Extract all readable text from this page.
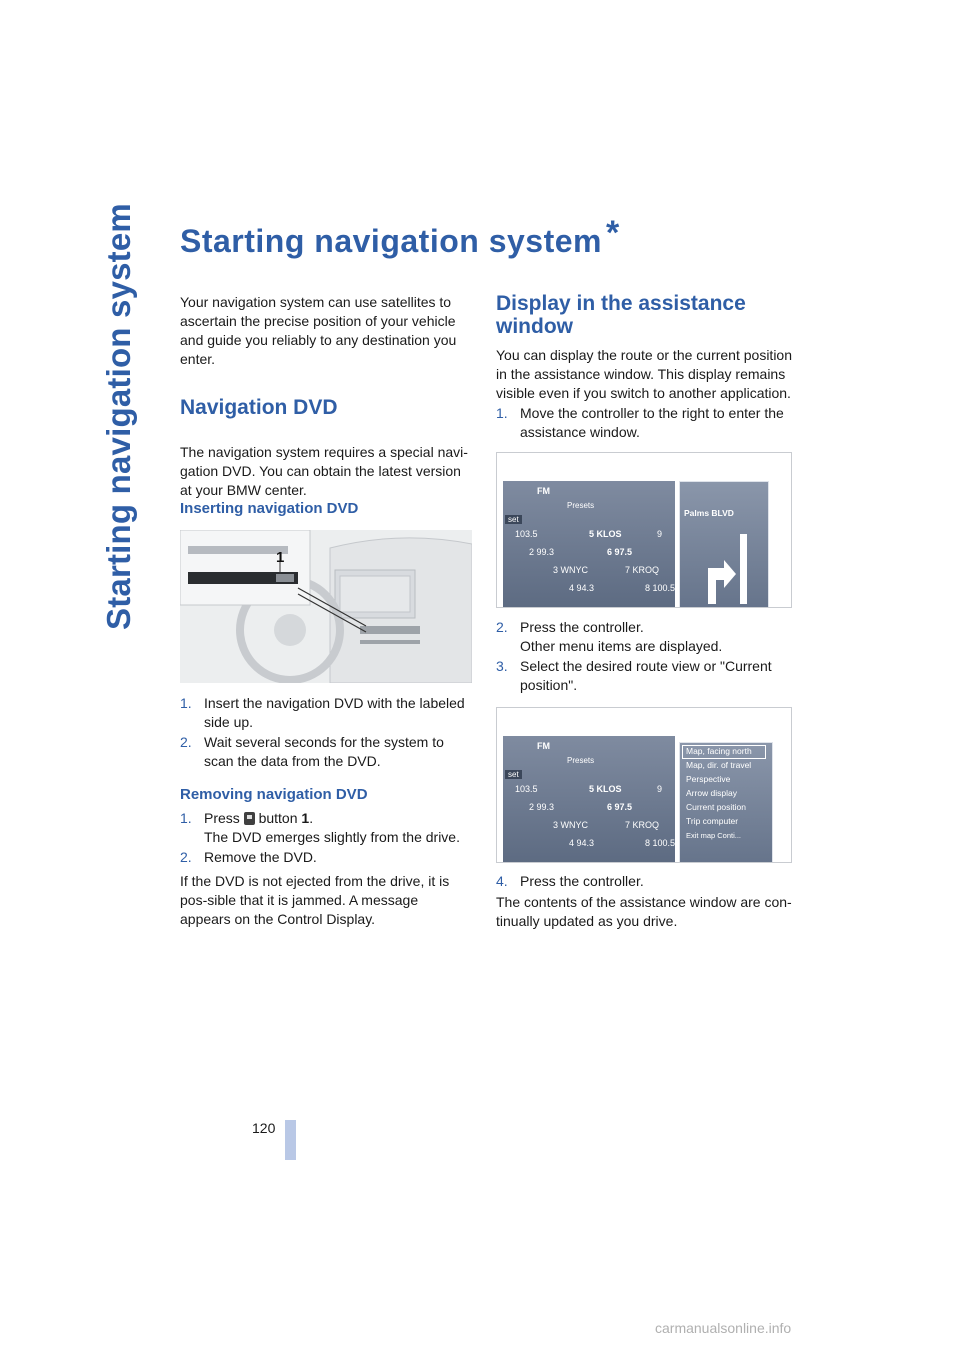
Starting navigation system Starting navigation system *

Your navigation system can use satellites to ascertain the precise position of your vehicle and guide you reliably to any destination you enter.

Navigation DVD

The navigation system requires a special navi-gation DVD. You can obtain the latest version at your BMW center.

Inserting navigation DVD
1
1. Insert the navigation DVD with the labeled side up.
2. Wait several seconds for the system to scan the data from the DVD.
Removing navigation DVD
1. Press button 1.
The DVD emerges slightly from the drive.
2. Remove the DVD.

If the DVD is not ejected from the drive, it is pos-sible that it is jammed. A message appears on the Control Display.

Display in the assistance
window

You can display the route or the current position in the assistance window. This display remains visible even if you switch to another application.

1. Move the controller to the right to enter the assistance window.
FM
Presets
set
103.5	5 KLOS	9
2 99.3	6 97.5
3 WNYC	7 KROQ
4 94.3	8 100.5
Palms BLVD
2. Press the controller.
Other menu items are displayed.
3. Select the desired route view or "Current position".
FM
Presets
set
103.5	5 KLOS	9
2 99.3	6 97.5
3 WNYC	7 KROQ
4 94.3	8 100.5
Map, facing north
Map, dir. of travel
Perspective
Arrow display
Current position
Trip computer
Exit map Conti...
4. Press the controller.

The contents of the assistance window are con-tinually updated as you drive.

120
carmanualsonline.info
